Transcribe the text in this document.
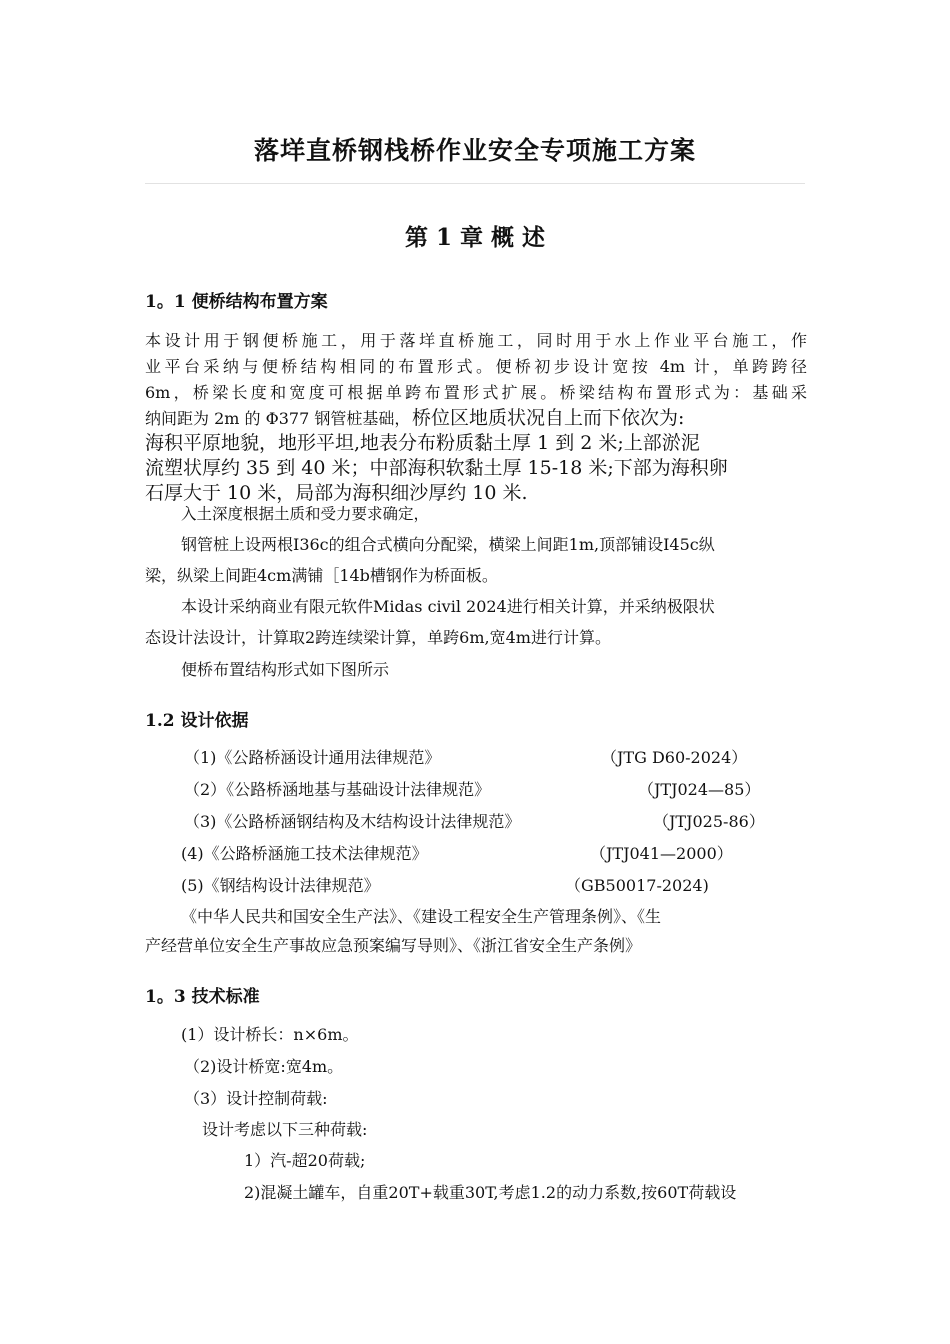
落垟直桥钢栈桥作业安全专项施工方案
第 1 章 概 述
1。1 便桥结构布置方案
本设计用于钢便桥施工，用于落垟直桥施工，同时用于水上作业平台施工，作
业平台采纳与便桥结构相同的布置形式。便桥初步设计宽按 4m 计，单跨跨径
6m，桥梁长度和宽度可根据单跨布置形式扩展。桥梁结构布置形式为：基础采
纳间距为 2m 的 Φ377 钢管桩基础， 桥位区地质状况自上而下依次为:
海积平原地貌，地形平坦,地表分布粉质黏土厚 1 到 2 米;上部淤泥
流塑状厚约 35 到 40 米；中部海积软黏土厚 15-18 米;下部为海积卵
石厚大于 10 米，局部为海积细沙厚约 10 米.
入土深度根据土质和受力要求确定，
钢管桩上设两根I36c的组合式横向分配梁，横梁上间距1m,顶部铺设I45c纵
梁，纵梁上间距4cm满铺［14b槽钢作为桥面板。
本设计采纳商业有限元软件Midas civil 2024进行相关计算，并采纳极限状
态设计法设计，计算取2跨连续梁计算，单跨6m,宽4m进行计算。
便桥布置结构形式如下图所示
1.2 设计依据
（1)《公路桥涵设计通用法律规范》	（JTG D60-2024）
（2）《公路桥涵地基与基础设计法律规范》	（JTJ024—85）
（3)《公路桥涵钢结构及木结构设计法律规范》	（JTJ025-86）
(4)《公路桥涵施工技术法律规范》	（JTJ041—2000）
(5)《钢结构设计法律规范》	（GB50017-2024)
《中华人民共和国安全生产法》、《建设工程安全生产管理条例》、《生
产经营单位安全生产事故应急预案编写导则》、《浙江省安全生产条例》
1。3 技术标准
(1）设计桥长：n×6m。
（2)设计桥宽:宽4m。
（3）设计控制荷载:
设计考虑以下三种荷载:
1）汽-超20荷载;
2)混凝土罐车，自重20T+载重30T,考虑1.2的动力系数,按60T荷载设
